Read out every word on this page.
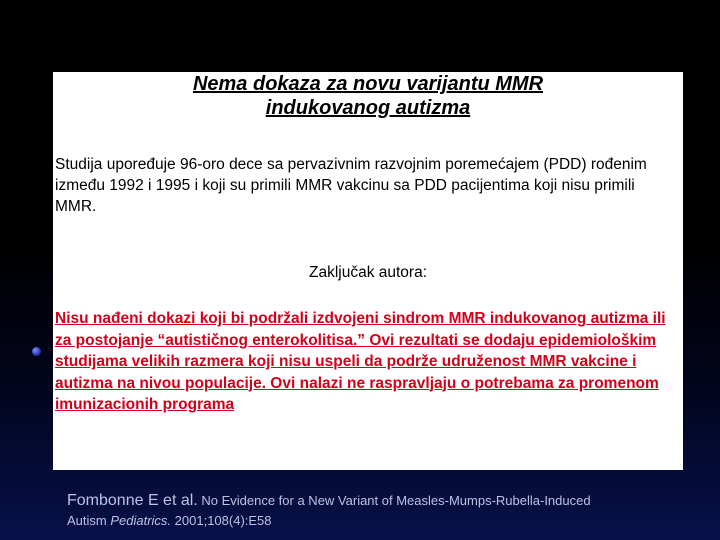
Nema dokaza za novu varijantu MMR
indukovanog autizma

Studija upoređuje 96-oro dece sa pervazivnim razvojnim poremećajem (PDD) rođenim između 1992 i 1995 i koji su primili MMR vakcinu sa PDD pacijentima koji nisu primili MMR.

Zaključak autora:

Nisu nađeni dokazi koji bi podržali izdvojeni sindrom MMR indukovanog autizma ili za postojanje “autističnog enterokolitisa.” Ovi rezultati se dodaju epidemiološkim studijama velikih razmera koji nisu uspeli da podrže udruženost MMR vakcine i autizma na nivou populacije. Ovi nalazi ne raspravljaju o potrebama za promenom imunizacionih programa

Fombonne E et al. No Evidence for a New Variant of Measles-Mumps-Rubella-Induced
Autism Pediatrics. 2001;108(4):E58
